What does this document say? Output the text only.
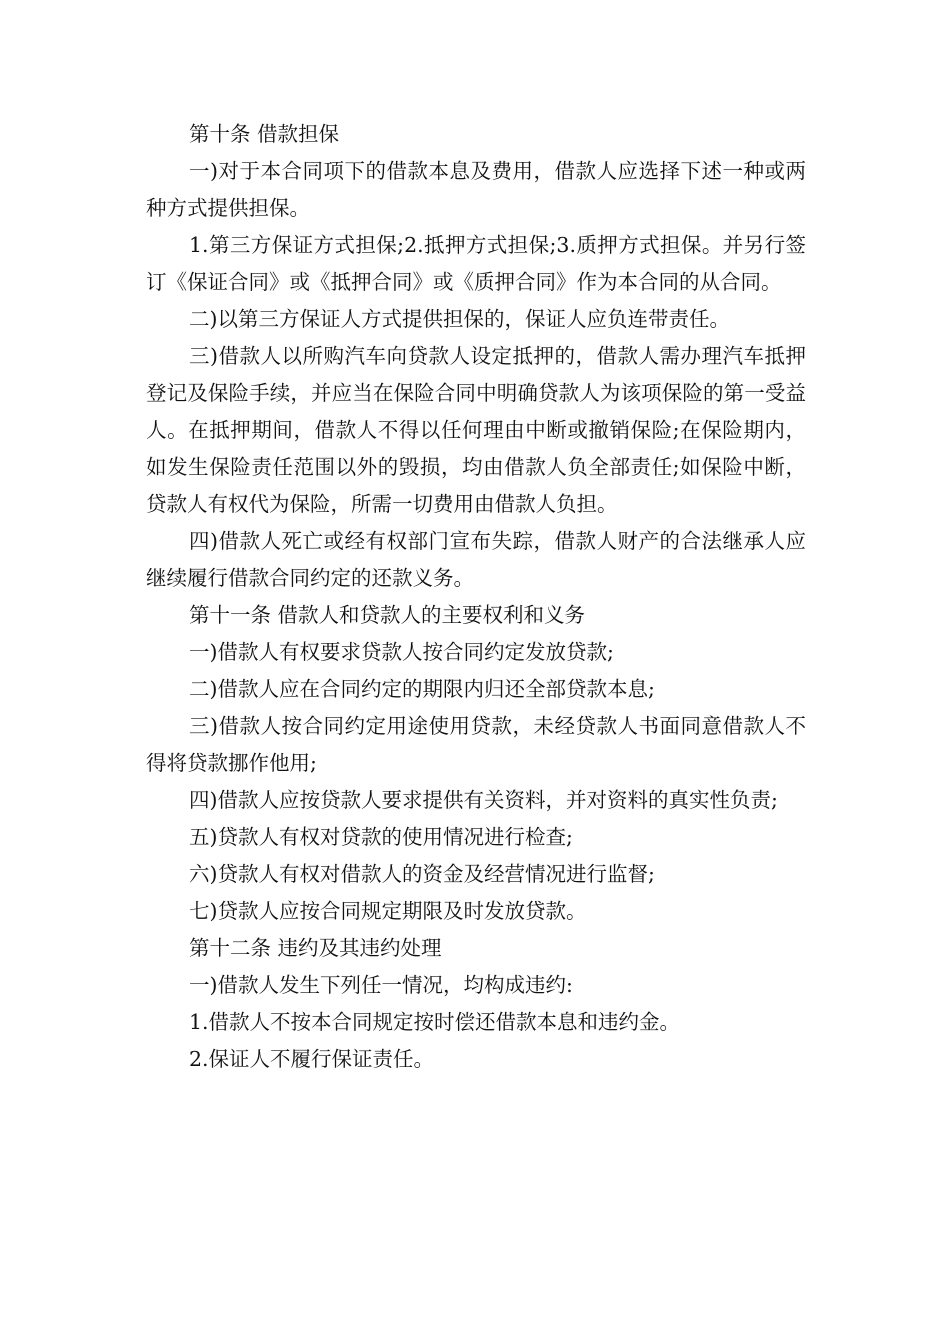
第十条 借款担保

一)对于本合同项下的借款本息及费用，借款人应选择下述一种或两种方式提供担保。

1.第三方保证方式担保;2.抵押方式担保;3.质押方式担保。并另行签订《保证合同》或《抵押合同》或《质押合同》作为本合同的从合同。

二)以第三方保证人方式提供担保的，保证人应负连带责任。

三)借款人以所购汽车向贷款人设定抵押的，借款人需办理汽车抵押登记及保险手续，并应当在保险合同中明确贷款人为该项保险的第一受益人。在抵押期间，借款人不得以任何理由中断或撤销保险;在保险期内，如发生保险责任范围以外的毁损，均由借款人负全部责任;如保险中断，贷款人有权代为保险，所需一切费用由借款人负担。

四)借款人死亡或经有权部门宣布失踪，借款人财产的合法继承人应继续履行借款合同约定的还款义务。

第十一条 借款人和贷款人的主要权利和义务

一)借款人有权要求贷款人按合同约定发放贷款;

二)借款人应在合同约定的期限内归还全部贷款本息;

三)借款人按合同约定用途使用贷款，未经贷款人书面同意借款人不得将贷款挪作他用;

四)借款人应按贷款人要求提供有关资料，并对资料的真实性负责;

五)贷款人有权对贷款的使用情况进行检查;

六)贷款人有权对借款人的资金及经营情况进行监督;

七)贷款人应按合同规定期限及时发放贷款。

第十二条 违约及其违约处理

一)借款人发生下列任一情况，均构成违约:

1.借款人不按本合同规定按时偿还借款本息和违约金。

2.保证人不履行保证责任。
